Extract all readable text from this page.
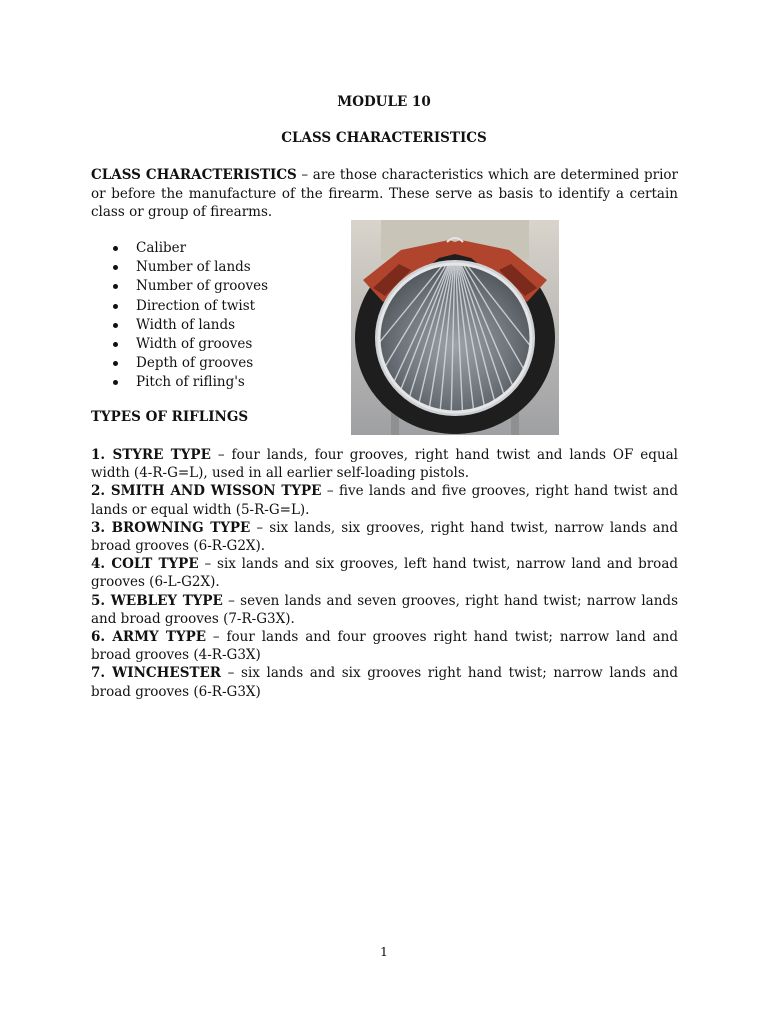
MODULE 10
CLASS CHARACTERISTICS

CLASS CHARACTERISTICS – are those characteristics which are determined prior or before the manufacture of the firearm. These serve as basis to identify a certain class or group of firearms.

Caliber
Number of lands
Number of grooves
Direction of twist
Width of lands
Width of grooves
Depth of grooves
Pitch of rifling's
TYPES OF RIFLINGS

1. STYRE TYPE – four lands, four grooves, right hand twist and lands OF equal width (4-R-G=L), used in all earlier self-loading pistols.

2. SMITH AND WISSON TYPE – five lands and five grooves, right hand twist and lands or equal width (5-R-G=L).

3. BROWNING TYPE – six lands, six grooves, right hand twist, narrow lands and broad grooves (6-R-G2X).

4. COLT TYPE – six lands and six grooves, left hand twist, narrow land and broad grooves (6-L-G2X).

5. WEBLEY TYPE – seven lands and seven grooves, right hand twist; narrow lands and broad grooves (7-R-G3X).

6. ARMY TYPE – four lands and four grooves right hand twist; narrow land and broad grooves (4-R-G3X)

7. WINCHESTER – six lands and six grooves right hand twist; narrow lands and broad grooves (6-R-G3X)

1
